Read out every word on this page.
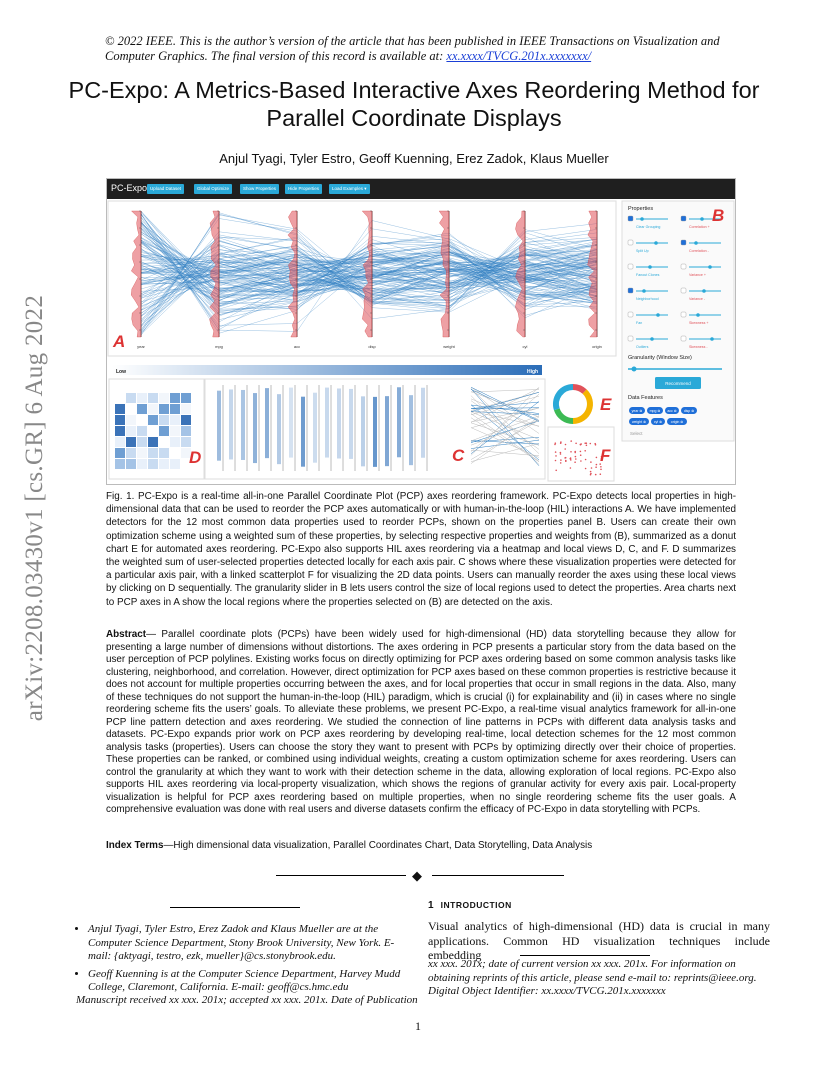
© 2022 IEEE. This is the author’s version of the article that has been published in IEEE Transactions on Visualization and Computer Graphics. The final version of this record is available at: xx.xxxx/TVCG.201x.xxxxxxx/
PC-Expo: A Metrics-Based Interactive Axes Reordering Method for Parallel Coordinate Displays
Anjul Tyagi, Tyler Estro, Geoff Kuenning, Erez Zadok, Klaus Mueller
arXiv:2208.03430v1 [cs.GR] 6 Aug 2022
PC-Expo Upload Dataset	Global Optimize	Show Properties	Hide Properties	Load Examples ▾
year	mpg	acc	disp	weight	cyl	origin
Properties
Clear Grouping	Correlation +
Split Up	Correlation -
Fanout Clones	Variance +
Neighborhood	Variance -
Fan	Skewness +
Outliers	Skewness -
Granularity (Window Size)
Recommend
Data Features
year ⊗ mpg ⊗ acc ⊗ disp ⊗
weight ⊗ cyl ⊗ origin ⊗
Select
Low	High
A
B
C
D
E
F
Fig. 1. PC-Expo is a real-time all-in-one Parallel Coordinate Plot (PCP) axes reordering framework. PC-Expo detects local properties in high-dimensional data that can be used to reorder the PCP axes automatically or with human-in-the-loop (HIL) interactions A. We have implemented detectors for the 12 most common data properties used to reorder PCPs, shown on the properties panel B. Users can create their own optimization scheme using a weighted sum of these properties, by selecting respective properties and weights from (B), summarized as a donut chart E for automated axes reordering. PC-Expo also supports HIL axes reordering via a heatmap and local views D, C, and F. D summarizes the weighted sum of user-selected properties detected locally for each axis pair. C shows where these visualization properties were detected for a particular axis pair, with a linked scatterplot F for visualizing the 2D data points. Users can manually reorder the axes using these local views by clicking on D sequentially. The granularity slider in B lets users control the size of local regions used to detect the properties. Area charts next to PCP axes in A show the local regions where the properties selected on (B) are detected on the axis.
Abstract— Parallel coordinate plots (PCPs) have been widely used for high-dimensional (HD) data storytelling because they allow for presenting a large number of dimensions without distortions. The axes ordering in PCP presents a particular story from the data based on the user perception of PCP polylines. Existing works focus on directly optimizing for PCP axes ordering based on some common analysis tasks like clustering, neighborhood, and correlation. However, direct optimization for PCP axes based on these common properties is restrictive because it does not account for multiple properties occurring between the axes, and for local properties that occur in small regions in the data. Also, many of these techniques do not support the human-in-the-loop (HIL) paradigm, which is crucial (i) for explainability and (ii) in cases where no single reordering scheme fits the users’ goals. To alleviate these problems, we present PC-Expo, a real-time visual analytics framework for all-in-one PCP line pattern detection and axes reordering. We studied the connection of line patterns in PCPs with different data analysis tasks and datasets. PC-Expo expands prior work on PCP axes reordering by developing real-time, local detection schemes for the 12 most common analysis tasks (properties). Users can choose the story they want to present with PCPs by optimizing directly over their choice of properties. These properties can be ranked, or combined using individual weights, creating a custom optimization scheme for axes reordering. Users can control the granularity at which they want to work with their detection scheme in the data, allowing exploration of local regions. PC-Expo also supports HIL axes reordering via local-property visualization, which shows the regions of granular activity for every axis pair. Local-property visualization is helpful for PCP axes reordering based on multiple properties, when no single reordering scheme fits the user goals. A comprehensive evaluation was done with real users and diverse datasets confirm the efficacy of PC-Expo in data storytelling with PCPs.
Index Terms—High dimensional data visualization, Parallel Coordinates Chart, Data Storytelling, Data Analysis
◆
1 INTRODUCTION
Visual analytics of high-dimensional (HD) data is crucial in many applications. Common HD visualization techniques include embedding
• Anjul Tyagi, Tyler Estro, Erez Zadok and Klaus Mueller are at the Computer Science Department, Stony Brook University, New York. E-mail: {aktyagi, testro, ezk, mueller}@cs.stonybrook.edu.
• Geoff Kuenning is at the Computer Science Department, Harvey Mudd College, Claremont, California. E-mail: geoff@cs.hmc.edu
Manuscript received xx xxx. 201x; accepted xx xxx. 201x. Date of Publication
xx xxx. 201x; date of current version xx xxx. 201x. For information on obtaining reprints of this article, please send e-mail to: reprints@ieee.org. Digital Object Identifier: xx.xxxx/TVCG.201x.xxxxxxx
1
